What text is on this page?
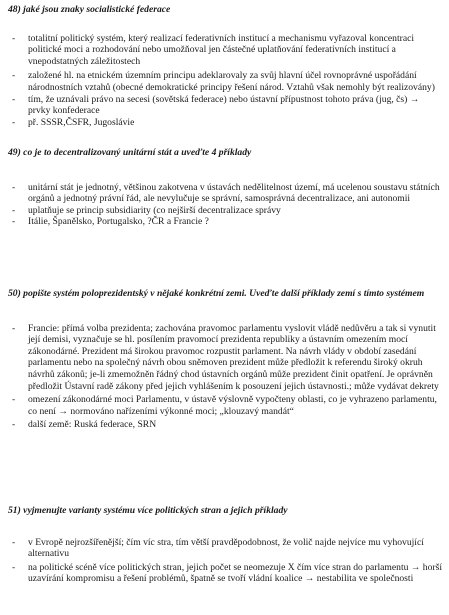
48) jaké jsou znaky socialistické federace

- totalitní politický systém, který realizací federativních institucí a mechanismu vyřazoval koncentraci politické moci a rozhodování nebo umožňoval jen částečné uplatňování federativních institucí a vnepodstatných záležitostech
- založené hl. na etnickém územním principu adeklarovaly za svůj hlavní účel rovnoprávné uspořádání národnostních vztahů (obecné demokratické principy řešení národ. Vztahů však nemohly být realizovány)
- tím, že uznávali právo na secesi (sovětská federace) nebo ústavní přípustnost tohoto práva (jug, čs) → prvky konfederace
- př. SSSR,ČSFR, Jugoslávie

49) co je to decentralizovaný unitární stát a uveďte 4 příklady

- unitární stát je jednotný, většinou zakotvena v ústavách nedělitelnost území, má ucelenou soustavu státních orgánů a jednotný právní řád, ale nevylučuje se správní, samosprávná decentralizace, ani autonomii
- uplatňuje se princip subsidiarity (co nejširší decentralizace správy
- Itálie, Španělsko, Portugalsko, ?ČR a Francie ?

50) popište systém poloprezidentský v nějaké konkrétní zemi. Uveďte další příklady zemí s tímto systémem

- Francie: přímá volba prezidenta; zachována pravomoc parlamentu vyslovit vládě nedůvěru a tak si vynutit její demisi, vyznačuje se hl. posílením pravomocí prezidenta republiky a ústavním omezením mocí zákonodárné. Prezident má širokou pravomoc rozpustit parlament. Na návrh vlády v období zasedání parlamentu nebo na společný návrh obou sněmoven prezident může předložit k referendu široký okruh návrhů zákonů; je-li zmemožněn řádný chod ústavních orgánů může prezident činit opatření. Je oprávněn předložit Ústavní radě zákony před jejich vyhlášením k posouzení jejich ústavnosti.; může vydávat dekrety
- omezení zákonodárné moci Parlamentu, v ústavě výslovně vypočteny oblasti, co je vyhrazeno parlamentu, co není → normováno nařízeními výkonné moci; „klouzavý mandát“
- další země: Ruská federace, SRN

51) vyjmenujte varianty systému více politických stran a jejich příklady

- v Evropě nejrozšířenější; čím víc stra, tím větší pravděpodobnost, že volič najde nejvíce mu vyhovující alternativu
- na politické scéně více politických stran, jejich počet se neomezuje X čím více stran do parlamentu → horší uzavírání kompromisu a řešení problémů, špatně se tvoří vládní koalice → nestabilita ve společnosti
